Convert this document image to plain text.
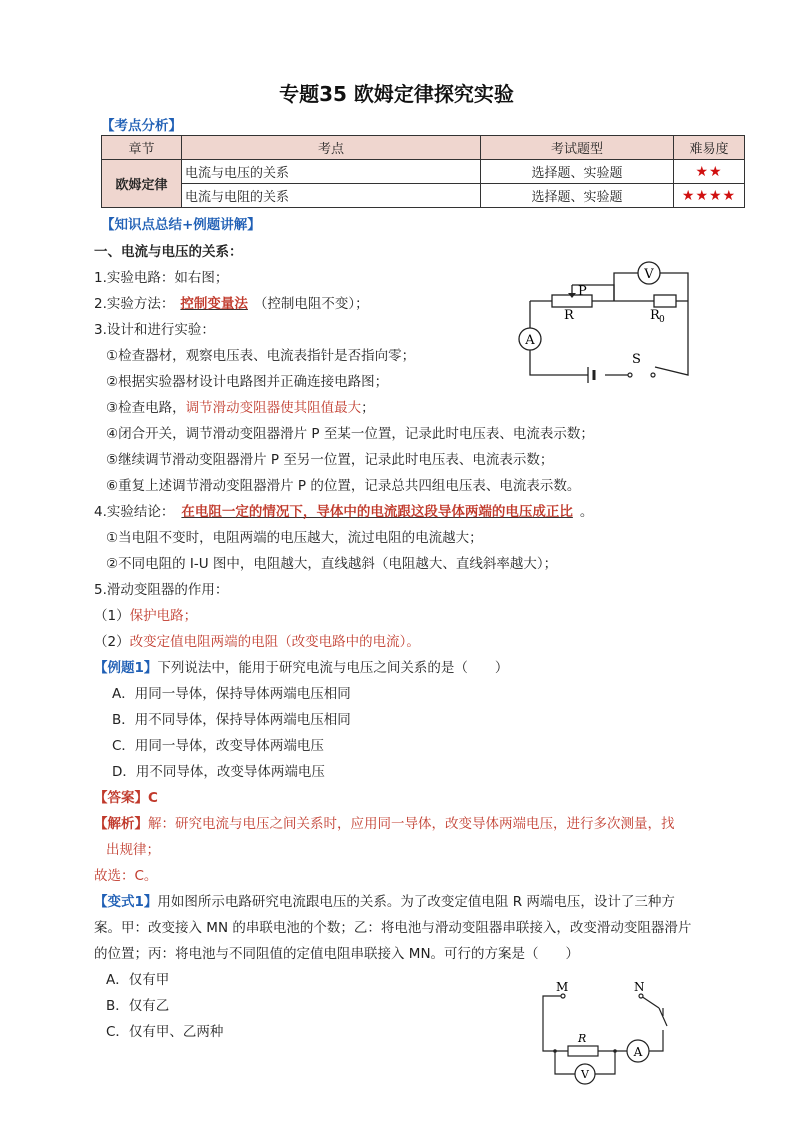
专题35 欧姆定律探究实验
【考点分析】
章节	考点	考试题型	难易度
欧姆定律	电流与电压的关系	选择题、实验题	★★
	电流与电阻的关系	选择题、实验题	★★★★
【知识点总结+例题讲解】
一、电流与电压的关系：
1.实验电路：如右图；
2.实验方法： 控制变量法 （控制电阻不变）；
3.设计和进行实验：
①检查器材，观察电压表、电流表指针是否指向零；
②根据实验器材设计电路图并正确连接电路图；
③检查电路，调节滑动变阻器使其阻值最大；
④闭合开关，调节滑动变阻器滑片 P 至某一位置，记录此时电压表、电流表示数；
⑤继续调节滑动变阻器滑片 P 至另一位置，记录此时电压表、电流表示数；
⑥重复上述调节滑动变阻器滑片 P 的位置，记录总共四组电压表、电流表示数。
4.实验结论： 在电阻一定的情况下，导体中的电流跟这段导体两端的电压成正比 。
①当电阻不变时，电阻两端的电压越大，流过电阻的电流越大；
②不同电阻的 I-U 图中，电阻越大，直线越斜（电阻越大、直线斜率越大）；
5.滑动变阻器的作用：
（1）保护电路；
（2）改变定值电阻两端的电阻（改变电路中的电流）。
【例题1】下列说法中，能用于研究电流与电压之间关系的是（　　）
A．用同一导体，保持导体两端电压相同
B．用不同导体，保持导体两端电压相同
C．用同一导体，改变导体两端电压
D．用不同导体，改变导体两端电压
【答案】C
【解析】解：研究电流与电压之间关系时，应用同一导体，改变导体两端电压，进行多次测量，找
出规律；
故选：C。
【变式1】用如图所示电路研究电流跟电压的关系。为了改变定值电阻 R 两端电压，设计了三种方
案。甲：改变接入 MN 的串联电池的个数；乙：将电池与滑动变阻器串联接入，改变滑动变阻器滑片
的位置；丙：将电池与不同阻值的定值电阻串联接入 MN。可行的方案是（　　）
A．仅有甲
B．仅有乙
C．仅有甲、乙两种
V
A
P
R	R 0
S
M	N
R
A
V
